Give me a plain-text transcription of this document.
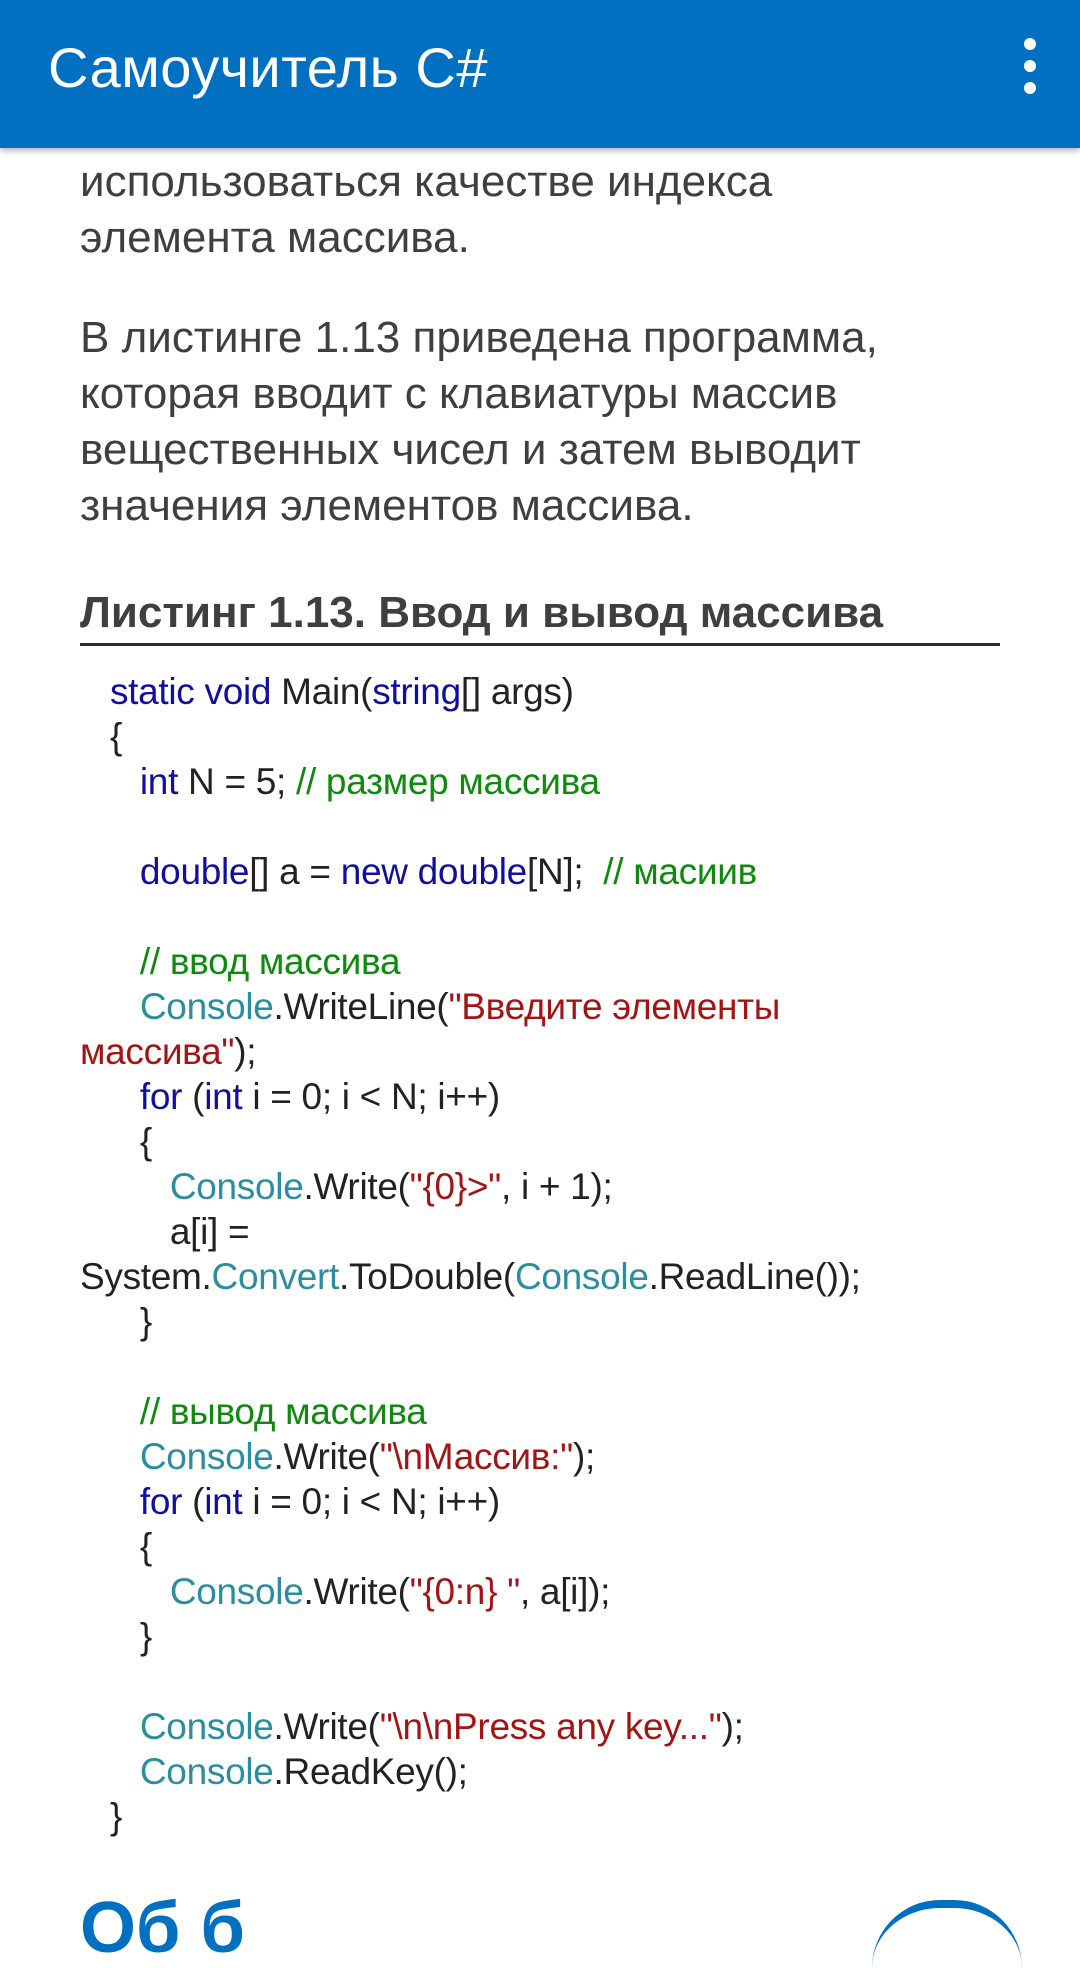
использоваться качестве индекса
элемента массива.

В листинге 1.13 приведена программа,
которая вводит с клавиатуры массив
вещественных чисел и затем выводит
значения элементов массива.

Листинг 1.13. Ввод и вывод массива
static void Main(string[] args)
{
int N = 5; // размер массива

double[] a = new double[N];  // масиив

// ввод массива
Console.WriteLine("Введите элементы
массива");
for (int i = 0; i < N; i++)
{
Console.Write("{0}>", i + 1);
a[i] =
System.Convert.ToDouble(Console.ReadLine());
}

// вывод массива
Console.Write("\nМассив:");
for (int i = 0; i < N; i++)
{
Console.Write("{0:n} ", a[i]);
}

Console.Write("\n\nPress any key...");
Console.ReadKey();
}
Об б
Самоучитель C#
